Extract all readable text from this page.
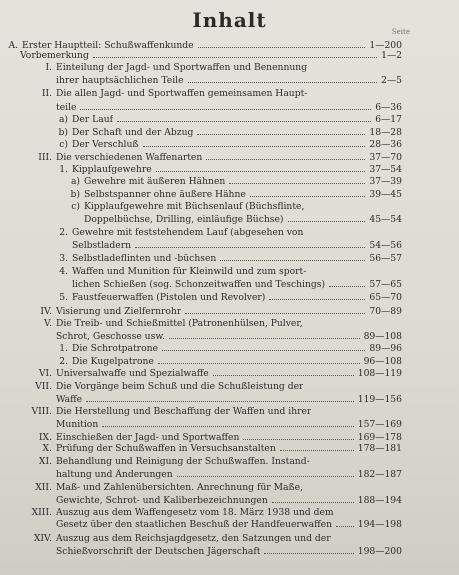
Inhalt	Seite
A. Erster Hauptteil: Schußwaffenkunde	1—200
Vorbemerkung	1—2
I. Einteilung der Jagd- und Sportwaffen und Benennung
ihrer hauptsächlichen Teile	2—5
II. Die allen Jagd- und Sportwaffen gemeinsamen Haupt-
teile	6—36
a) Der Lauf	6—17
b) Der Schaft und der Abzug	18—28
c) Der Verschluß	28—36
III. Die verschiedenen Waffenarten	37—70
1. Kipplaufgewehre	37—54
a) Gewehre mit äußeren Hähnen	37—39
b) Selbstspanner ohne äußere Hähne	39—45
c) Kipplaufgewehre mit Büchsenlauf (Büchsflinte,
Doppelbüchse, Drilling, einläufige Büchse)	45—54
2. Gewehre mit feststehendem Lauf (abgesehen von
Selbstladern	54—56
3. Selbstladeflinten und -büchsen	56—57
4. Waffen und Munition für Kleinwild und zum sport-
lichen Schießen (sog. Schonzeitwaffen und Teschings)	57—65
5. Faustfeuerwaffen (Pistolen und Revolver)	65—70
IV. Visierung und Zielfernrohr	70—89
V. Die Treib- und Schießmittel (Patronenhülsen, Pulver,
Schrot, Geschosse usw.	89—108
1. Die Schrotpatrone	89—96
2. Die Kugelpatrone	96—108
VI. Universalwaffe und Spezialwaffe	108—119
VII. Die Vorgänge beim Schuß und die Schußleistung der
Waffe	119—156
VIII. Die Herstellung und Beschaffung der Waffen und ihrer
Munition	157—169
IX. Einschießen der Jagd- und Sportwaffen	169—178
X. Prüfung der Schußwaffen in Versuchsanstalten	178—181
XI. Behandlung und Reinigung der Schußwaffen. Instand-
haltung und Änderungen	182—187
XII. Maß- und Zahlenübersichten. Anrechnung für Maße,
Gewichte, Schrot- und Kaliberbezeichnungen	188—194
XIII. Auszug aus dem Waffengesetz vom 18. März 1938 und dem
Gesetz über den staatlichen Beschuß der Handfeuerwaffen	194—198
XIV. Auszug aus dem Reichsjagdgesetz, den Satzungen und der
Schießvorschrift der Deutschen Jägerschaft	198—200
